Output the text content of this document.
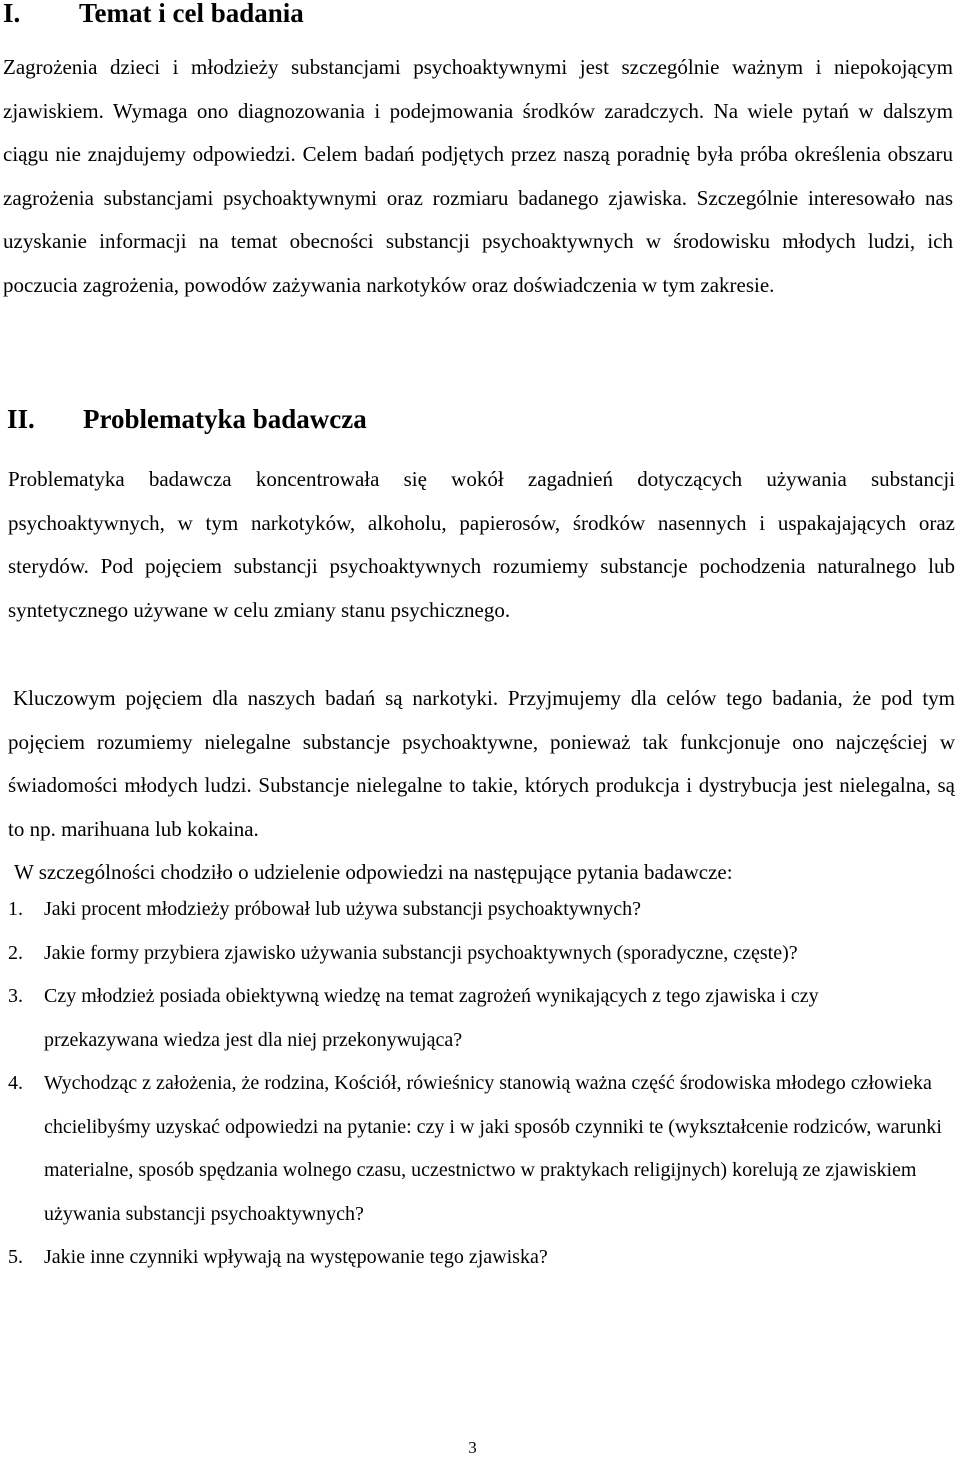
I. Temat i cel badania

Zagrożenia dzieci i młodzieży substancjami psychoaktywnymi jest szczególnie ważnym i niepokojącym zjawiskiem. Wymaga ono diagnozowania i podejmowania środków zaradczych. Na wiele pytań w dalszym ciągu nie znajdujemy odpowiedzi. Celem badań podjętych przez naszą poradnię była próba określenia obszaru zagrożenia substancjami psychoaktywnymi oraz rozmiaru badanego zjawiska. Szczególnie interesowało nas uzyskanie informacji na temat obecności substancji psychoaktywnych w środowisku młodych ludzi, ich poczucia zagrożenia, powodów zażywania narkotyków oraz doświadczenia w tym zakresie.

II. Problematyka badawcza

Problematyka badawcza koncentrowała się wokół zagadnień dotyczących używania substancji psychoaktywnych, w tym narkotyków, alkoholu, papierosów, środków nasennych i uspakajających oraz sterydów. Pod pojęciem substancji psychoaktywnych rozumiemy substancje pochodzenia naturalnego lub syntetycznego używane w celu zmiany stanu psychicznego.

Kluczowym pojęciem dla naszych badań są narkotyki. Przyjmujemy dla celów tego badania, że pod tym pojęciem rozumiemy nielegalne substancje psychoaktywne, ponieważ tak funkcjonuje ono najczęściej w świadomości młodych ludzi. Substancje nielegalne to takie, których produkcja i dystrybucja jest nielegalna, są to np. marihuana lub kokaina.

W szczególności chodziło o udzielenie odpowiedzi na następujące pytania badawcze:
1. Jaki procent młodzieży próbował lub używa substancji psychoaktywnych?
2. Jakie formy przybiera zjawisko używania substancji psychoaktywnych (sporadyczne, częste)?
3. Czy młodzież posiada obiektywną wiedzę na temat zagrożeń wynikających z tego zjawiska i czy przekazywana wiedza jest dla niej przekonywująca?
4. Wychodząc z założenia, że rodzina, Kościół, rówieśnicy stanowią ważna część środowiska młodego człowieka chcielibyśmy uzyskać odpowiedzi na pytanie: czy i w jaki sposób czynniki te (wykształcenie rodziców, warunki materialne, sposób spędzania wolnego czasu, uczestnictwo w praktykach religijnych) korelują ze zjawiskiem używania substancji psychoaktywnych?
5. Jakie inne czynniki wpływają na występowanie tego zjawiska?
3
